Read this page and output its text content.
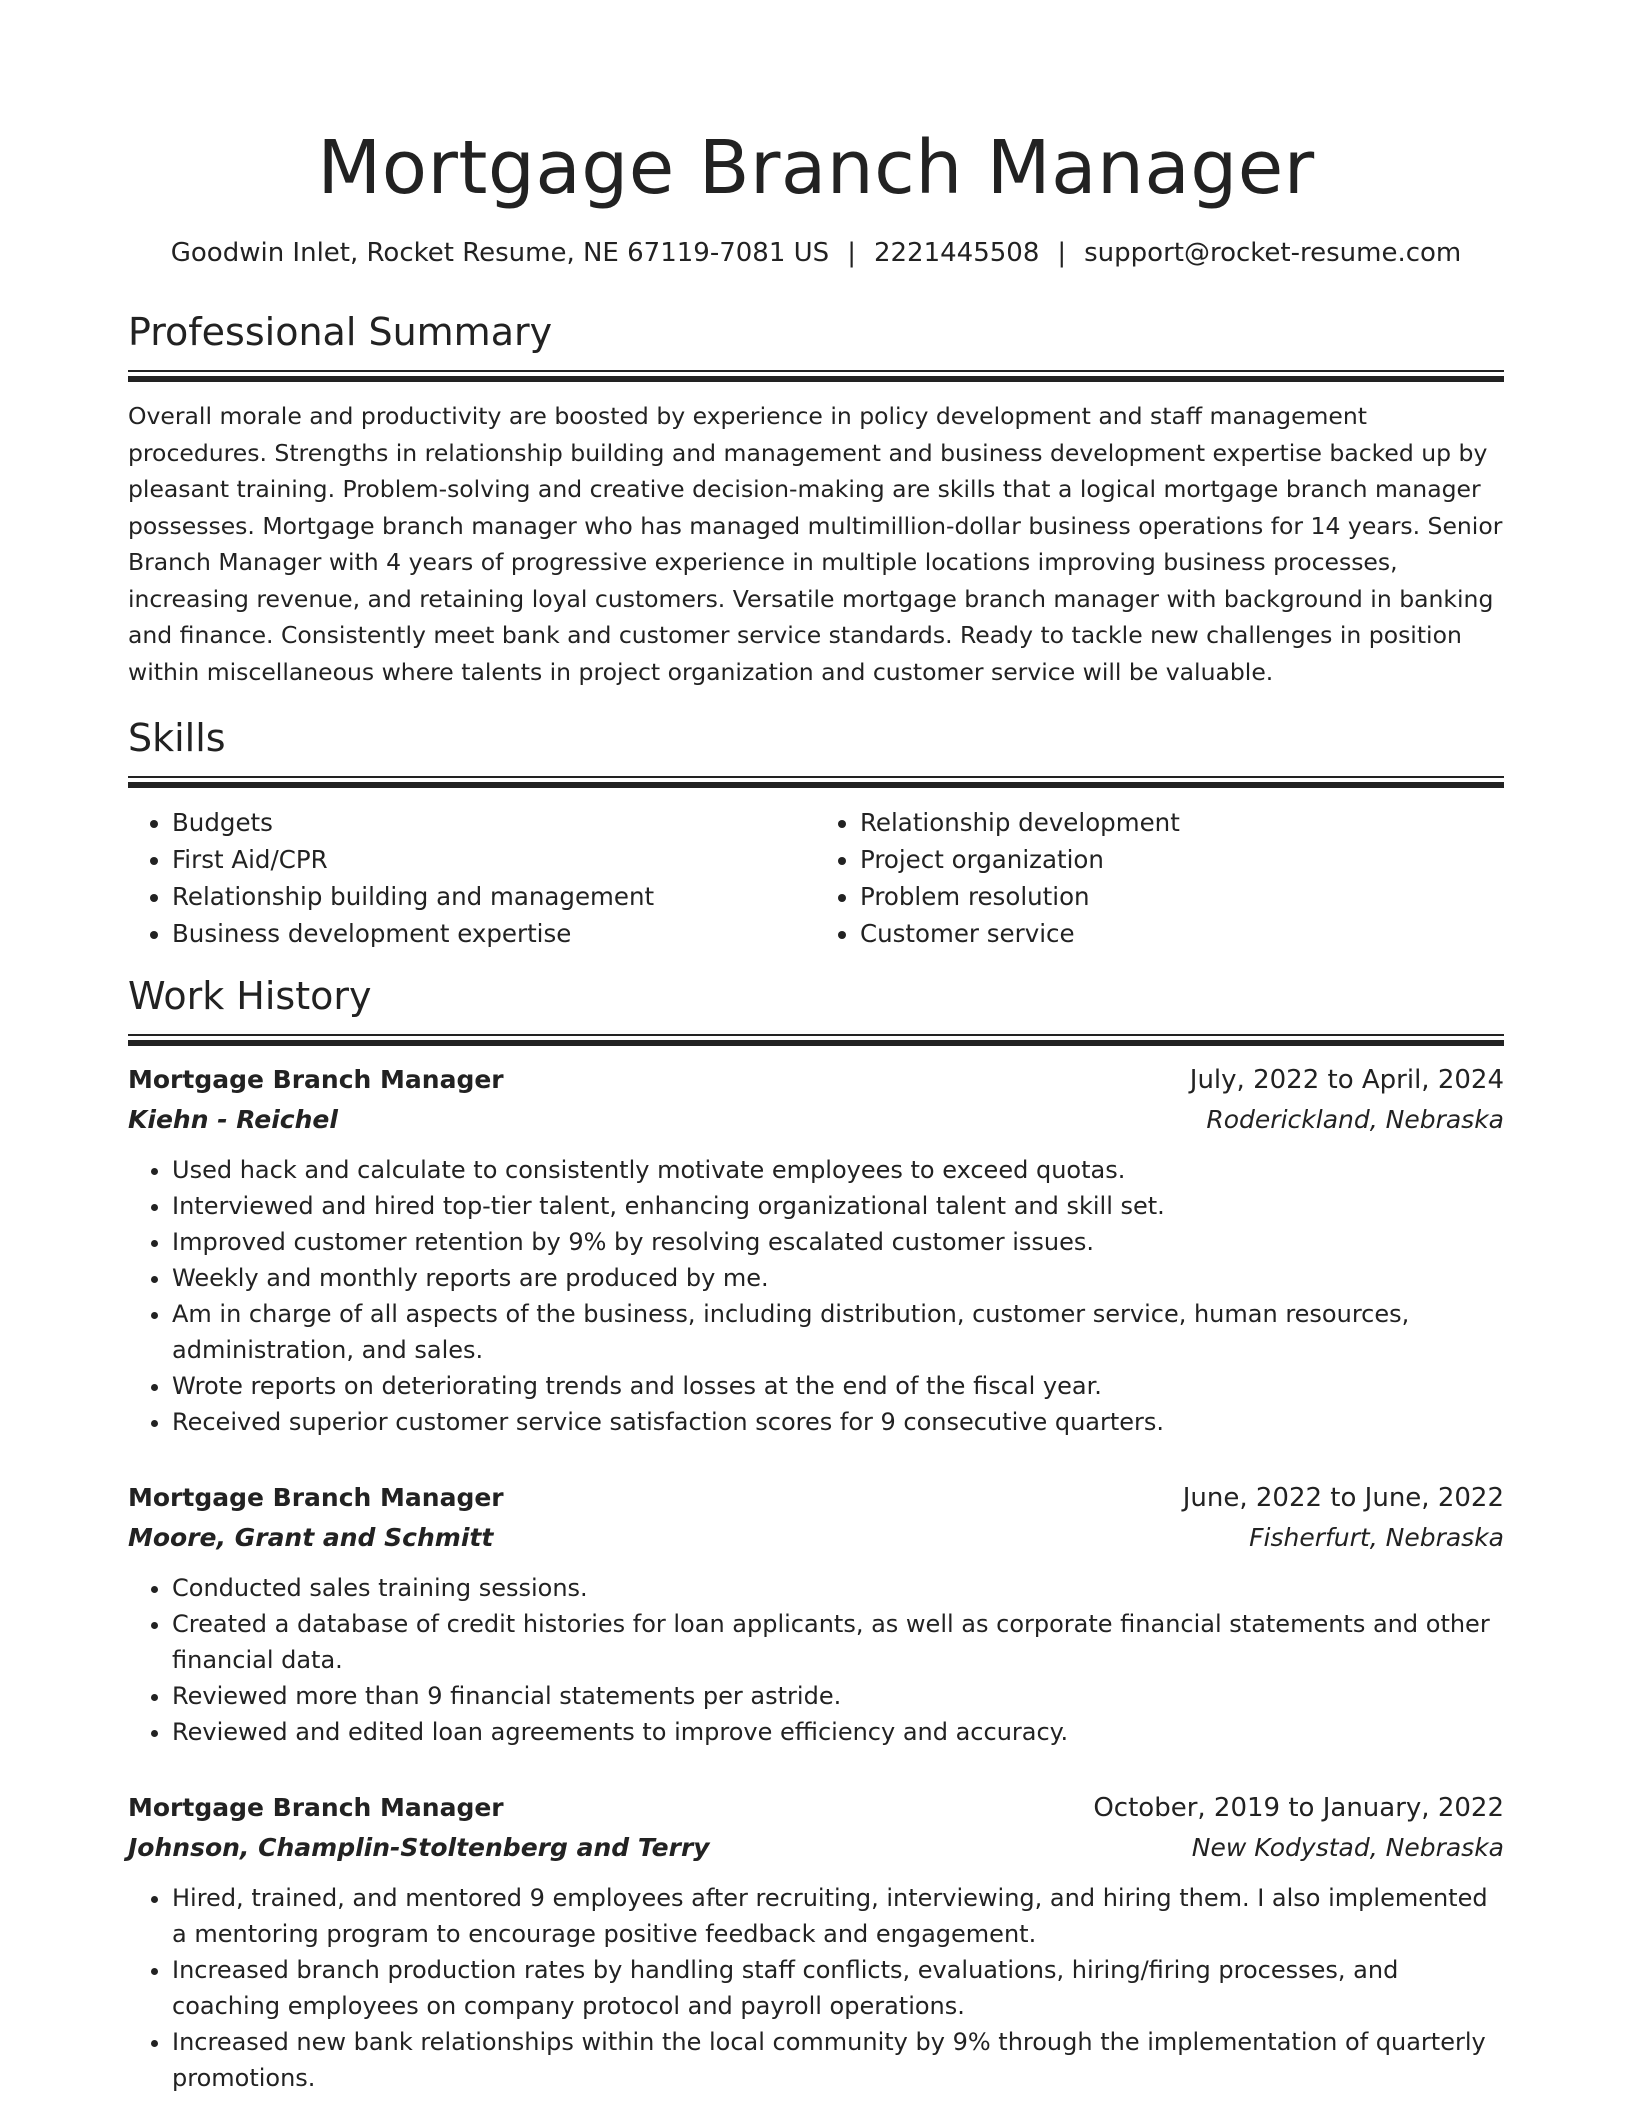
Mortgage Branch Manager
Goodwin Inlet, Rocket Resume, NE 67119-7081 US | 2221445508 | support@rocket-resume.com
Professional Summary

Overall morale and productivity are boosted by experience in policy development and staff management procedures. Strengths in relationship building and management and business development expertise backed up by pleasant training. Problem-solving and creative decision-making are skills that a logical mortgage branch manager possesses. Mortgage branch manager who has managed multimillion-dollar business operations for 14 years. Senior Branch Manager with 4 years of progressive experience in multiple locations improving business processes, increasing revenue, and retaining loyal customers. Versatile mortgage branch manager with background in banking and finance. Consistently meet bank and customer service standards. Ready to tackle new challenges in position within miscellaneous where talents in project organization and customer service will be valuable.

Skills
• Budgets
• First Aid/CPR
• Relationship building and management
• Business development expertise
• Relationship development
• Project organization
• Problem resolution
• Customer service
Work History
Mortgage Branch Manager	July, 2022 to April, 2024
Kiehn - Reichel	Roderickland, Nebraska
• Used hack and calculate to consistently motivate employees to exceed quotas.
• Interviewed and hired top-tier talent, enhancing organizational talent and skill set.
• Improved customer retention by 9% by resolving escalated customer issues.
• Weekly and monthly reports are produced by me.
• Am in charge of all aspects of the business, including distribution, customer service, human resources, administration, and sales.
• Wrote reports on deteriorating trends and losses at the end of the fiscal year.
• Received superior customer service satisfaction scores for 9 consecutive quarters.
Mortgage Branch Manager	June, 2022 to June, 2022
Moore, Grant and Schmitt	Fisherfurt, Nebraska
• Conducted sales training sessions.
• Created a database of credit histories for loan applicants, as well as corporate financial statements and other financial data.
• Reviewed more than 9 financial statements per astride.
• Reviewed and edited loan agreements to improve efficiency and accuracy.
Mortgage Branch Manager	October, 2019 to January, 2022
Johnson, Champlin-Stoltenberg and Terry	New Kodystad, Nebraska
• Hired, trained, and mentored 9 employees after recruiting, interviewing, and hiring them. I also implemented a mentoring program to encourage positive feedback and engagement.
• Increased branch production rates by handling staff conflicts, evaluations, hiring/firing processes, and coaching employees on company protocol and payroll operations.
• Increased new bank relationships within the local community by 9% through the implementation of quarterly promotions.
